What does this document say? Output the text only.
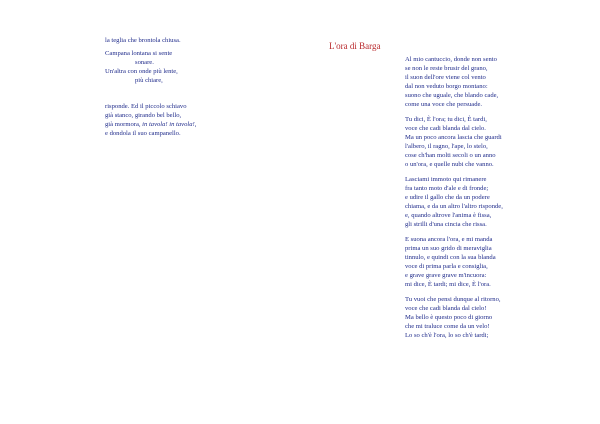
la teglia che brontola chiusa.
Campana lontana si sente
sonare.
Un'altra con onde più lente,
più chiare,
risponde. Ed il piccolo schiavo
già stanco, girando bel bello,
già mormora, in tavola! in tavola!,
e dondola il suo campanello.
L'ora di Barga
Al mio cantuccio, donde non sento
se non le reste brusir del grano,
il suon dell'ore viene col vento
dal non veduto borgo montano:
suono che uguale, che blando cade,
come una voce che persuade.
Tu dici, È l'ora; tu dici, È tardi,
voce che cadi blanda dal cielo.
Ma un poco ancora lascia che guardi
l'albero, il ragno, l'ape, lo stelo,
cose ch'han molti secoli o un anno
o un'ora, e quelle nubi che vanno.
Lasciami immoto qui rimanere
fra tanto moto d'ale e di fronde;
e udire il gallo che da un podere
chiama, e da un altro l'altro risponde,
e, quando altrove l'anima è fissa,
gli strilli d'una cincia che rissa.
E suona ancora l'ora, e mi manda
prima un suo grido di meraviglia
tinnulo, e quindi con la sua blanda
voce di prima parla e consiglia,
e grave grave grave m'incuora:
mi dice, È tardi; mi dice, È l'ora.
Tu vuoi che pensi dunque al ritorno,
voce che cadi blanda dal cielo!
Ma bello è questo poco di giorno
che mi traluce come da un velo!
Lo so ch'è l'ora, lo so ch'è tardi;
